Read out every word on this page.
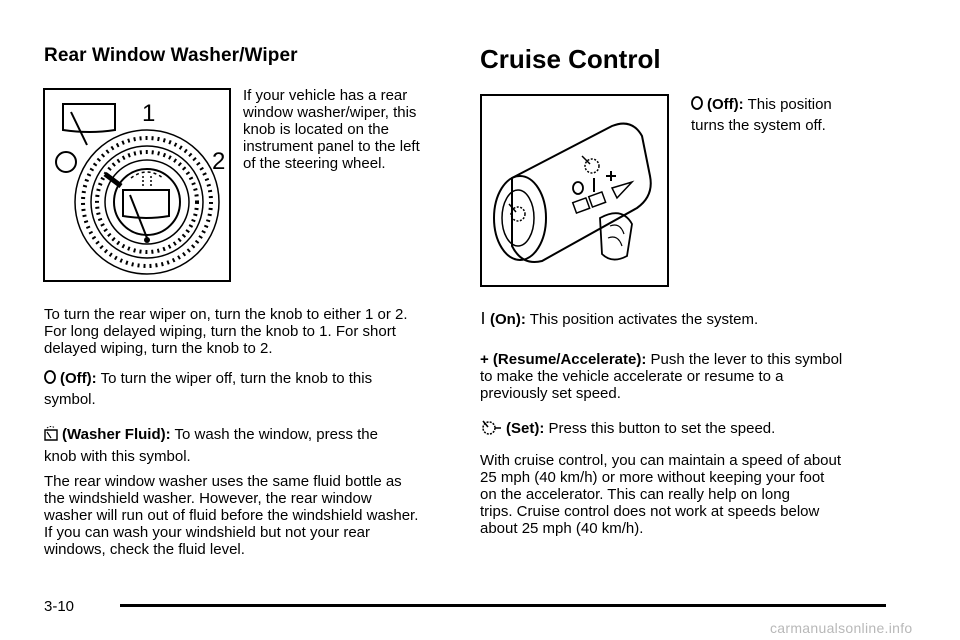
Rear Window Washer/Wiper
1
2
If your vehicle has a rear
window washer/wiper, this
knob is located on the
instrument panel to the left
of the steering wheel.
To turn the rear wiper on, turn the knob to either 1 or 2.
For long delayed wiping, turn the knob to 1. For short
delayed wiping, turn the knob to 2.
(Off): To turn the wiper off, turn the knob to this
symbol.
(Washer Fluid): To wash the window, press the
knob with this symbol.
The rear window washer uses the same fluid bottle as
the windshield washer. However, the rear window
washer will run out of fluid before the windshield washer.
If you can wash your windshield but not your rear
windows, check the fluid level.
Cruise Control
(Off): This position
turns the system off.
(On): This position activates the system.
+ (Resume/Accelerate): Push the lever to this symbol
to make the vehicle accelerate or resume to a
previously set speed.
(Set): Press this button to set the speed.
With cruise control, you can maintain a speed of about
25 mph (40 km/h) or more without keeping your foot
on the accelerator. This can really help on long
trips. Cruise control does not work at speeds below
about 25 mph (40 km/h).
3-10
carmanualsonline.info
